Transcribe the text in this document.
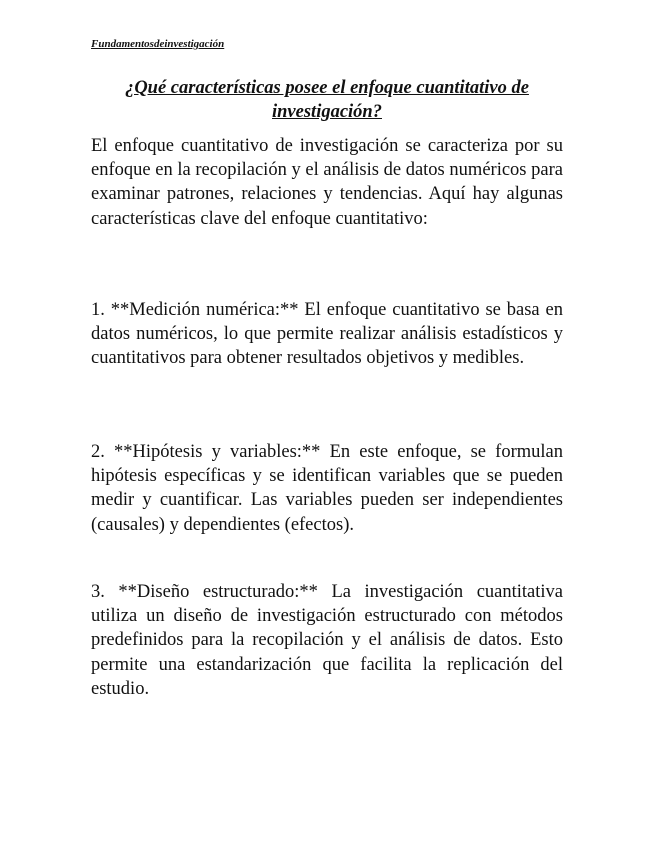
Fundamentosdeinvestigación
¿Qué características posee el enfoque cuantitativo de investigación?

El enfoque cuantitativo de investigación se caracteriza por su enfoque en la recopilación y el análisis de datos numéricos para examinar patrones, relaciones y tendencias. Aquí hay algunas características clave del enfoque cuantitativo:

1. **Medición numérica:** El enfoque cuantitativo se basa en datos numéricos, lo que permite realizar análisis estadísticos y cuantitativos para obtener resultados objetivos y medibles.

2. **Hipótesis y variables:** En este enfoque, se formulan hipótesis específicas y se identifican variables que se pueden medir y cuantificar. Las variables pueden ser independientes (causales) y dependientes (efectos).

3. **Diseño estructurado:** La investigación cuantitativa utiliza un diseño de investigación estructurado con métodos predefinidos para la recopilación y el análisis de datos. Esto permite una estandarización que facilita la replicación del estudio.
